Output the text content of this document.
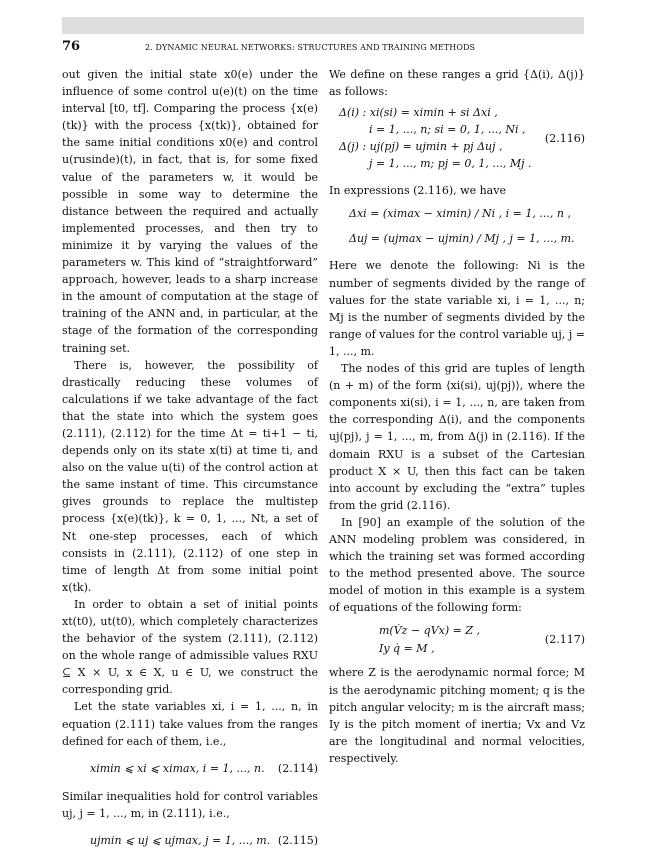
76	2. DYNAMIC NEURAL NETWORKS: STRUCTURES AND TRAINING METHODS

out given the initial state x0(e) under the influence of some control u(e)(t) on the time interval [t0, tf]. Comparing the process {x(e)(tk)} with the process {x(tk)}, obtained for the same initial conditions x0(e) and control u(rusinde)(t), in fact, that is, for some fixed value of the parameters w, it would be possible in some way to determine the distance between the required and actually implemented processes, and then try to minimize it by varying the values of the parameters w. This kind of “straightforward” approach, however, leads to a sharp increase in the amount of computation at the stage of training of the ANN and, in particular, at the stage of the formation of the corresponding training set.

There is, however, the possibility of drastically reducing these volumes of calculations if we take advantage of the fact that the state into which the system goes (2.111), (2.112) for the time Δt = ti+1 − ti, depends only on its state x(ti) at time ti, and also on the value u(ti) of the control action at the same instant of time. This circumstance gives grounds to replace the multistep process {x(e)(tk)}, k = 0, 1, ..., Nt, a set of Nt one-step processes, each of which consists in (2.111), (2.112) of one step in time of length Δt from some initial point x(tk).

In order to obtain a set of initial points xt(t0), ut(t0), which completely characterizes the behavior of the system (2.111), (2.112) on the whole range of admissible values RXU ⊆ X × U, x ∈ X, u ∈ U, we construct the corresponding grid.

Let the state variables xi, i = 1, ..., n, in equation (2.111) take values from the ranges defined for each of them, i.e.,

ximin ⩽ xi ⩽ ximax, i = 1, ..., n. (2.114)

Similar inequalities hold for control variables uj, j = 1, ..., m, in (2.111), i.e.,

ujmin ⩽ uj ⩽ ujmax, j = 1, ..., m. (2.115)

We define on these ranges a grid {Δ(i), Δ(j)} as follows:

Δ(i) : xi(si) = ximin + si Δxi ,
i = 1, ..., n; si = 0, 1, ..., Ni ,
Δ(j) : uj(pj) = ujmin + pj Δuj ,
j = 1, ..., m; pj = 0, 1, ..., Mj .
(2.116)

In expressions (2.116), we have

Δxi = (ximax − ximin) / Ni , i = 1, ..., n ,
Δuj = (ujmax − ujmin) / Mj , j = 1, ..., m.

Here we denote the following: Ni is the number of segments divided by the range of values for the state variable xi, i = 1, ..., n; Mj is the number of segments divided by the range of values for the control variable uj, j = 1, ..., m.

The nodes of this grid are tuples of length (n + m) of the form ⟨xi(si), uj(pj)⟩, where the components xi(si), i = 1, ..., n, are taken from the corresponding Δ(i), and the components uj(pj), j = 1, ..., m, from Δ(j) in (2.116). If the domain RXU is a subset of the Cartesian product X × U, then this fact can be taken into account by excluding the “extra” tuples from the grid (2.116).

In [90] an example of the solution of the ANN modeling problem was considered, in which the training set was formed according to the method presented above. The source model of motion in this example is a system of equations of the following form:

m(V̇z − qVx) = Z ,
Iy q̇ = M ,
(2.117)

where Z is the aerodynamic normal force; M is the aerodynamic pitching moment; q is the pitch angular velocity; m is the aircraft mass; Iy is the pitch moment of inertia; Vx and Vz are the longitudinal and normal velocities, respectively.
